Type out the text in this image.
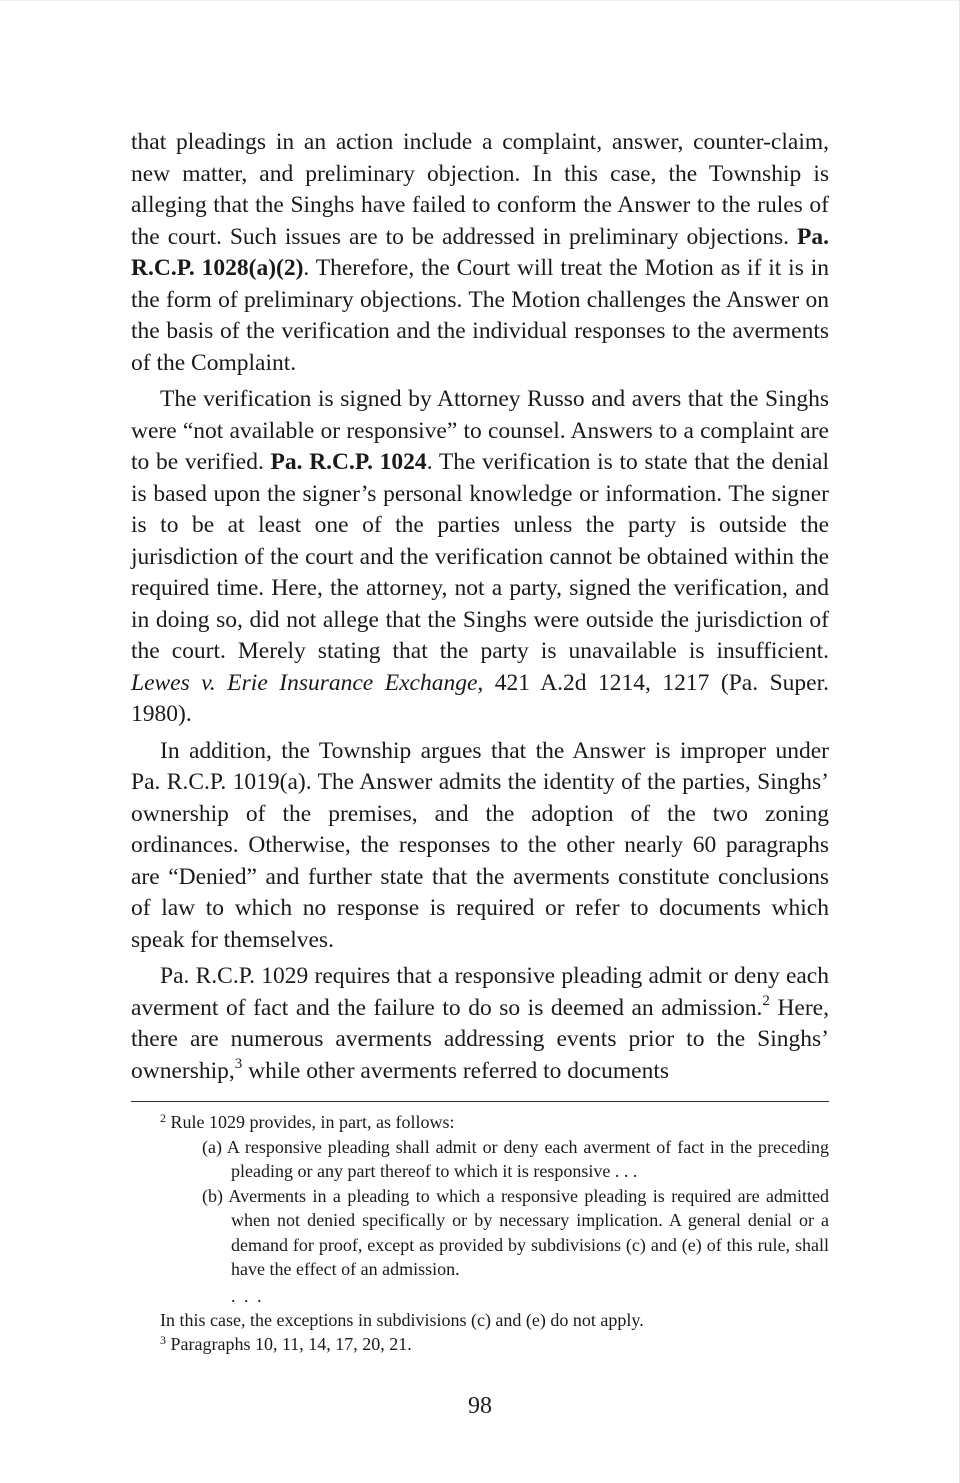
that pleadings in an action include a complaint, answer, counter-claim, new matter, and preliminary objection. In this case, the Township is alleging that the Singhs have failed to conform the Answer to the rules of the court. Such issues are to be addressed in preliminary objections. Pa. R.C.P. 1028(a)(2). Therefore, the Court will treat the Motion as if it is in the form of preliminary objections. The Motion challenges the Answer on the basis of the verification and the individual responses to the averments of the Complaint.

The verification is signed by Attorney Russo and avers that the Singhs were “not available or responsive” to counsel. Answers to a complaint are to be verified. Pa. R.C.P. 1024. The verification is to state that the denial is based upon the signer’s personal knowledge or information. The signer is to be at least one of the parties unless the party is outside the jurisdiction of the court and the verification cannot be obtained within the required time. Here, the attorney, not a party, signed the verification, and in doing so, did not allege that the Singhs were outside the jurisdiction of the court. Merely stating that the party is unavailable is insufficient. Lewes v. Erie Insurance Exchange, 421 A.2d 1214, 1217 (Pa. Super. 1980).

In addition, the Township argues that the Answer is improper under Pa. R.C.P. 1019(a). The Answer admits the identity of the parties, Singhs’ ownership of the premises, and the adoption of the two zoning ordinances. Otherwise, the responses to the other nearly 60 paragraphs are “Denied” and further state that the averments constitute conclusions of law to which no response is required or refer to documents which speak for themselves.

Pa. R.C.P. 1029 requires that a responsive pleading admit or deny each averment of fact and the failure to do so is deemed an admission.$^2$ Here, there are numerous averments addressing events prior to the Singhs’ ownership,$^3$ while other averments referred to documents

$^2$ Rule 1029 provides, in part, as follows:

(a) A responsive pleading shall admit or deny each averment of fact in the preceding pleading or any part thereof to which it is responsive . . .

(b) Averments in a pleading to which a responsive pleading is required are admitted when not denied specifically or by necessary implication. A general denial or a demand for proof, except as provided by subdivisions (c) and (e) of this rule, shall have the effect of an admission.

. . .

In this case, the exceptions in subdivisions (c) and (e) do not apply.

$^3$ Paragraphs 10, 11, 14, 17, 20, 21.

98
